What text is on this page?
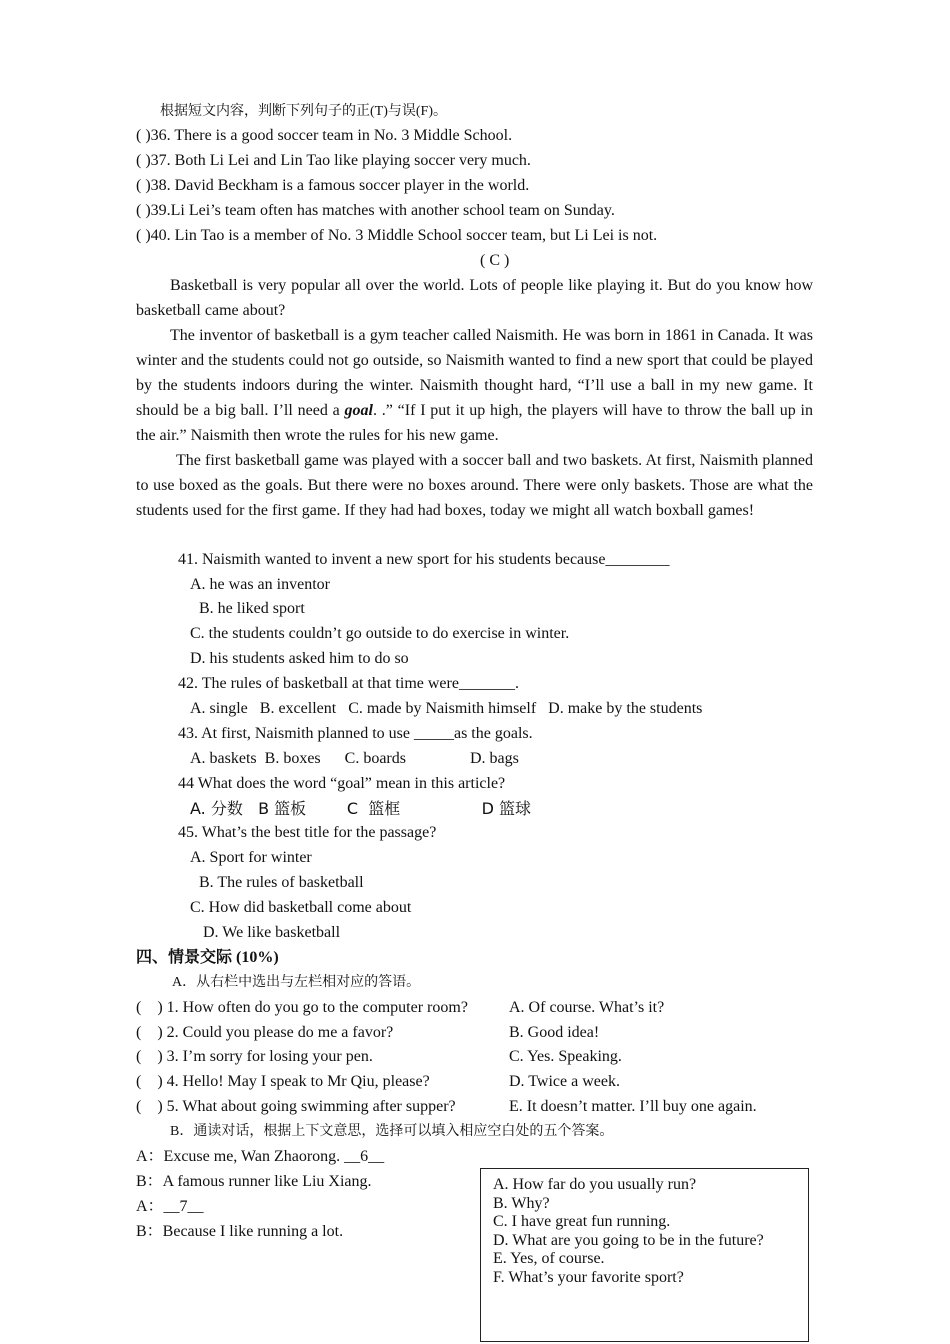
根据短文内容，判断下列句子的正(T)与误(F)。
( )36. There is a good soccer team in No. 3 Middle School.
( )37. Both Li Lei and Lin Tao like playing soccer very much.
( )38. David Beckham is a famous soccer player in the world.
( )39.Li Lei’s team often has matches with another school team on Sunday.
( )40. Lin Tao is a member of No. 3 Middle School soccer team, but Li Lei is not.
( C )

Basketball is very popular all over the world. Lots of people like playing it. But do you know how basketball came about?

The inventor of basketball is a gym teacher called Naismith. He was born in 1861 in Canada. It was winter and the students could not go outside, so Naismith wanted to find a new sport that could be played by the students indoors during the winter. Naismith thought hard, “I’ll use a ball in my new game. It should be a big ball. I’ll need a goal. .” “If I put it up high, the players will have to throw the ball up in the air.” Naismith then wrote the rules for his new game.

The first basketball game was played with a soccer ball and two baskets. At first, Naismith planned to use boxed as the goals. But there were no boxes around. There were only baskets. Those are what the students used for the first game. If they had had boxes, today we might all watch boxball games!

41. Naismith wanted to invent a new sport for his students because________
A. he was an inventor
B. he liked sport
C. the students couldn’t go outside to do exercise in winter.
D. his students asked him to do so
42. The rules of basketball at that time were_______.
A. single   B. excellent   C. made by Naismith himself   D. make by the students
43. At first, Naismith planned to use _____as the goals.
A. baskets  B. boxes      C. boards                D. bags
44 What does the word “goal” mean in this article?
A. 分数   B 篮板        C  篮框                D 篮球
45. What’s the best title for the passage?
A. Sport for winter
B. The rules of basketball
C. How did basketball come about
D. We like basketball
四、情景交际 (10%)
A．从右栏中选出与左栏相对应的答语。
(    ) 1. How often do you go to the computer room?
(    ) 2. Could you please do me a favor?
(    ) 3. I’m sorry for losing your pen.
(    ) 4. Hello! May I speak to Mr Qiu, please?
(    ) 5. What about going swimming after supper?
A. Of course. What’s it?
B. Good idea!
C. Yes. Speaking.
D. Twice a week.
E. It doesn’t matter. I’ll buy one again.
B．通读对话，根据上下文意思，选择可以填入相应空白处的五个答案。
A：Excuse me, Wan Zhaorong. __6__
B：A famous runner like Liu Xiang.
A：__7__
B：Because I like running a lot.
A. How far do you usually run?
B. Why?
C. I have great fun running.
D. What are you going to be in the future?
E. Yes, of course.
F. What’s your favorite sport?
